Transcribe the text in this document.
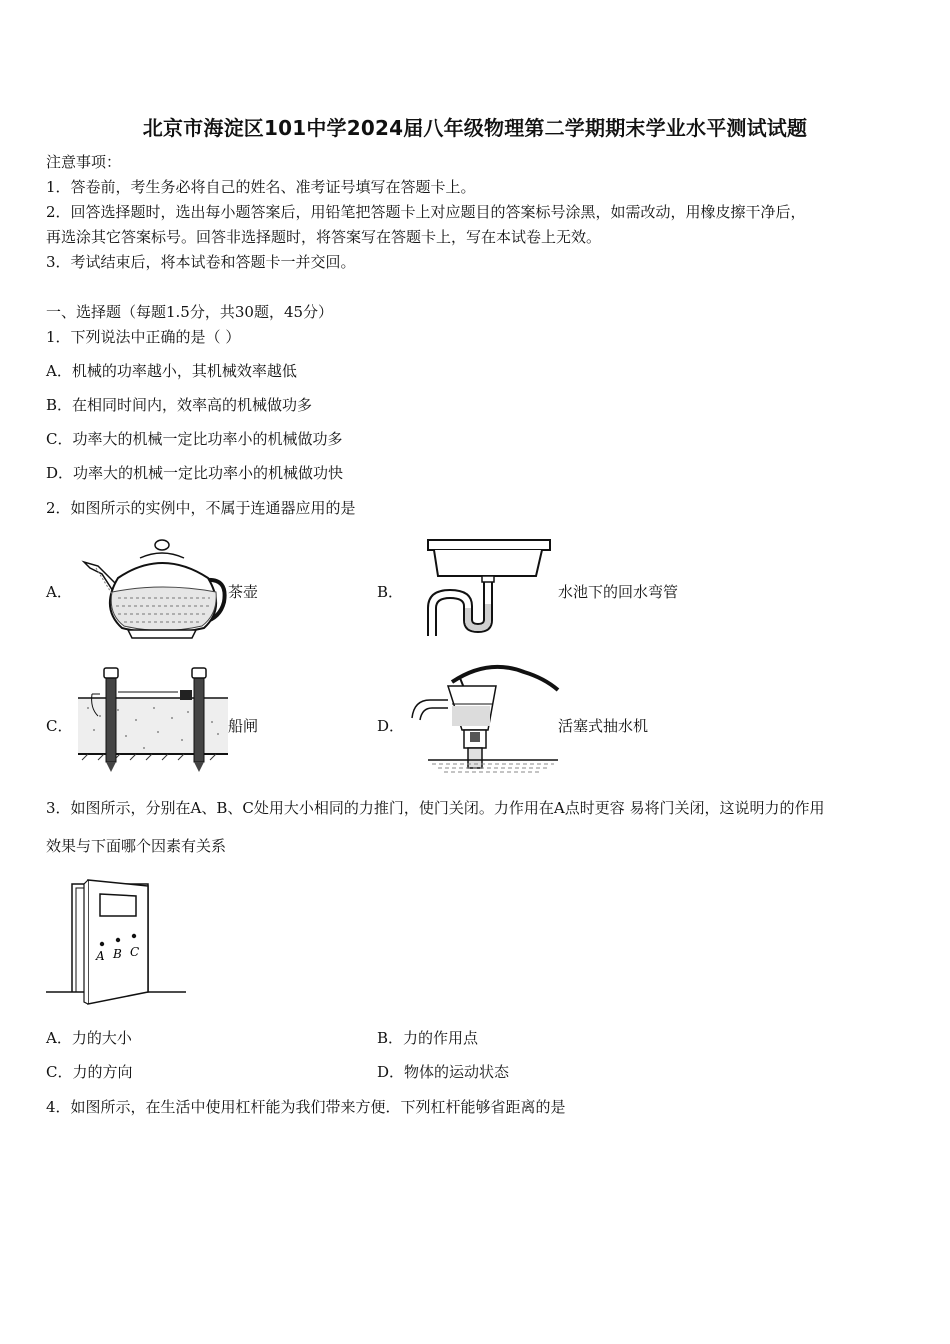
北京市海淀区101中学2024届八年级物理第二学期期末学业水平测试试题
注意事项：
1．答卷前，考生务必将自己的姓名、准考证号填写在答题卡上。
2．回答选择题时，选出每小题答案后，用铅笔把答题卡上对应题目的答案标号涂黑，如需改动，用橡皮擦干净后，
再选涂其它答案标号。回答非选择题时，将答案写在答题卡上，写在本试卷上无效。
3．考试结束后，将本试卷和答题卡一并交回。
一、选择题（每题1.5分，共30题，45分）
1．下列说法中正确的是（ ）
A．机械的功率越小，其机械效率越低
B．在相同时间内，效率高的机械做功多
C．功率大的机械一定比功率小的机械做功多
D．功率大的机械一定比功率小的机械做功快
2．如图所示的实例中，不属于连通器应用的是
A．	茶壶	B．	水池下的回水弯管
C．	船闸	D．	活塞式抽水机
3．如图所示，分别在A、B、C处用大小相同的力推门，使门关闭。力作用在A点时更容 易将门关闭，这说明力的作用
效果与下面哪个因素有关系
A B C
A．力的大小	B．力的作用点
C．力的方向	D．物体的运动状态
4．如图所示，在生活中使用杠杆能为我们带来方便．下列杠杆能够省距离的是
